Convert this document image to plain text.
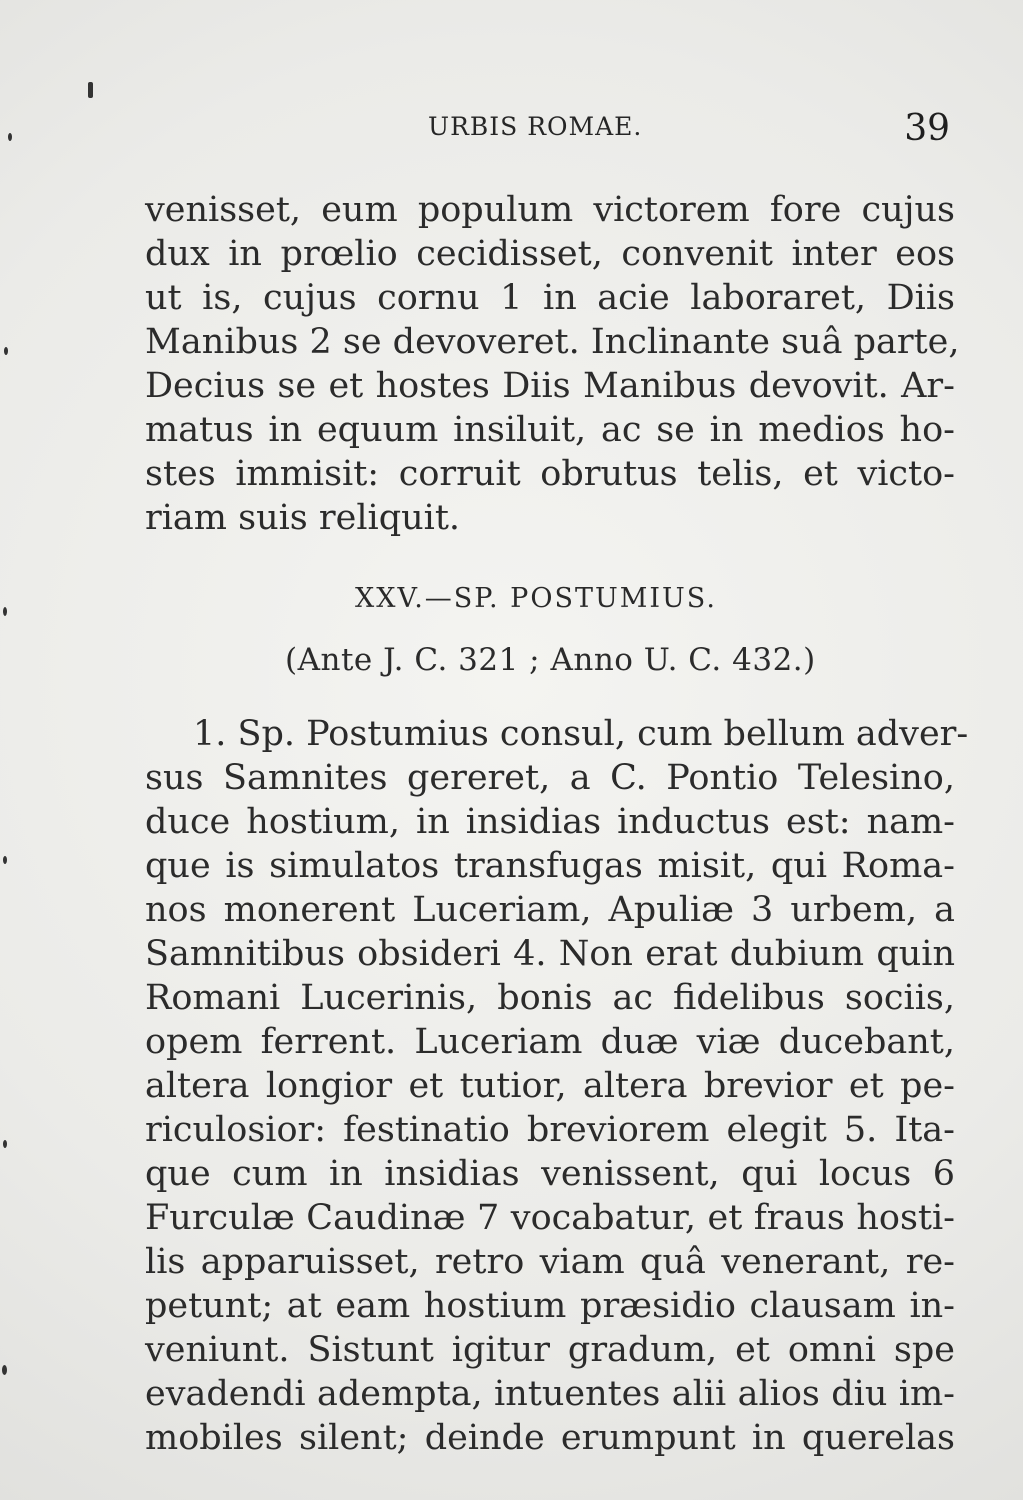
URBIS ROMAE.	39
venisset, eum populum victorem fore cujus
dux in prœlio cecidisset, convenit inter eos
ut is, cujus cornu 1 in acie laboraret, Diis
Manibus 2 se devoveret. Inclinante suâ parte,
Decius se et hostes Diis Manibus devovit. Ar-
matus in equum insiluit, ac se in medios ho-
stes immisit: corruit obrutus telis, et victo-
riam suis reliquit.
XXV.—SP. POSTUMIUS.
(Ante J. C. 321 ; Anno U. C. 432.)
1. Sp. Postumius consul, cum bellum adver-
sus Samnites gereret, a C. Pontio Telesino,
duce hostium, in insidias inductus est: nam-
que is simulatos transfugas misit, qui Roma-
nos monerent Luceriam, Apuliæ 3 urbem, a
Samnitibus obsideri 4. Non erat dubium quin
Romani Lucerinis, bonis ac fidelibus sociis,
opem ferrent. Luceriam duæ viæ ducebant,
altera longior et tutior, altera brevior et pe-
riculosior: festinatio breviorem elegit 5. Ita-
que cum in insidias venissent, qui locus 6
Furculæ Caudinæ 7 vocabatur, et fraus hosti-
lis apparuisset, retro viam quâ venerant, re-
petunt; at eam hostium præsidio clausam in-
veniunt. Sistunt igitur gradum, et omni spe
evadendi adempta, intuentes alii alios diu im-
mobiles silent; deinde erumpunt in querelas
